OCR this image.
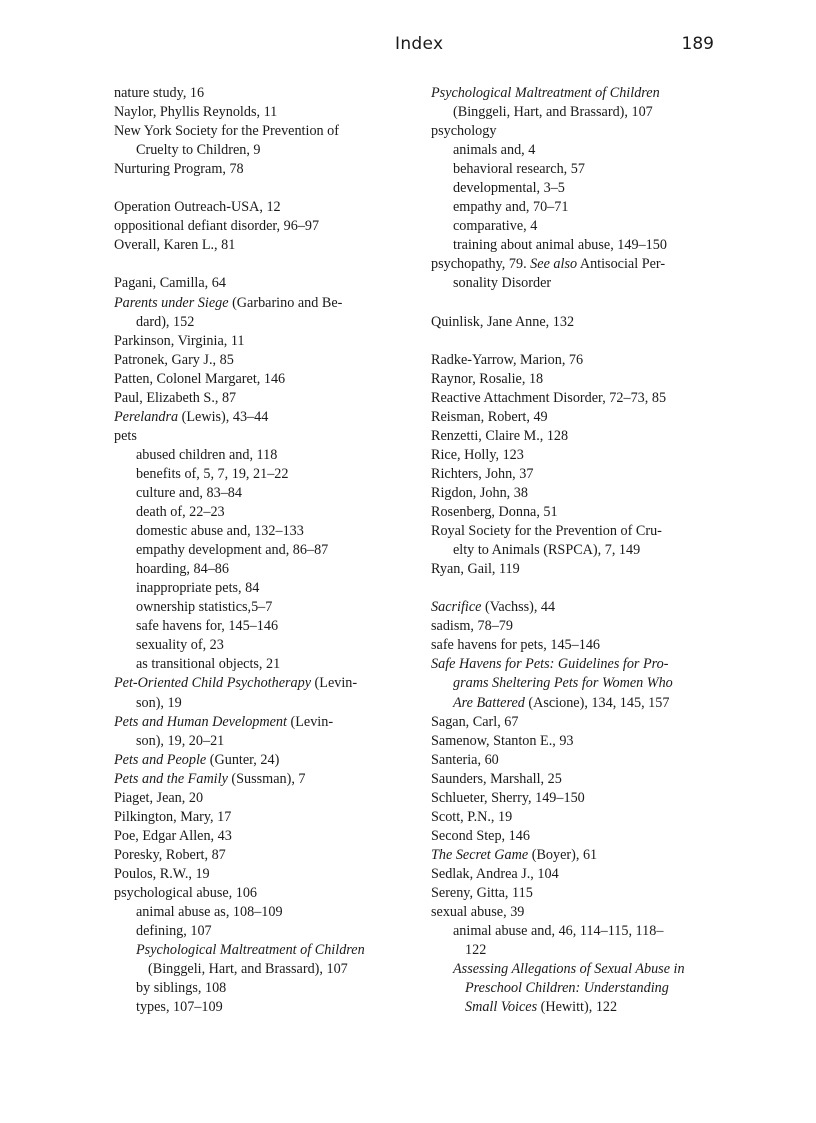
Index	189
nature study, 16
Naylor, Phyllis Reynolds, 11
New York Society for the Prevention of
Cruelty to Children, 9
Nurturing Program, 78
Operation Outreach-USA, 12
oppositional defiant disorder, 96–97
Overall, Karen L., 81
Pagani, Camilla, 64
Parents under Siege (Garbarino and Be-
dard), 152
Parkinson, Virginia, 11
Patronek, Gary J., 85
Patten, Colonel Margaret, 146
Paul, Elizabeth S., 87
Perelandra (Lewis), 43–44
pets
abused children and, 118
benefits of, 5, 7, 19, 21–22
culture and, 83–84
death of, 22–23
domestic abuse and, 132–133
empathy development and, 86–87
hoarding, 84–86
inappropriate pets, 84
ownership statistics,5–7
safe havens for, 145–146
sexuality of, 23
as transitional objects, 21
Pet-Oriented Child Psychotherapy (Levin-
son), 19
Pets and Human Development (Levin-
son), 19, 20–21
Pets and People (Gunter, 24)
Pets and the Family (Sussman), 7
Piaget, Jean, 20
Pilkington, Mary, 17
Poe, Edgar Allen, 43
Poresky, Robert, 87
Poulos, R.W., 19
psychological abuse, 106
animal abuse as, 108–109
defining, 107
Psychological Maltreatment of Children
(Binggeli, Hart, and Brassard), 107
by siblings, 108
types, 107–109
Psychological Maltreatment of Children
(Binggeli, Hart, and Brassard), 107
psychology
animals and, 4
behavioral research, 57
developmental, 3–5
empathy and, 70–71
comparative, 4
training about animal abuse, 149–150
psychopathy, 79. See also Antisocial Per-
sonality Disorder
Quinlisk, Jane Anne, 132
Radke-Yarrow, Marion, 76
Raynor, Rosalie, 18
Reactive Attachment Disorder, 72–73, 85
Reisman, Robert, 49
Renzetti, Claire M., 128
Rice, Holly, 123
Richters, John, 37
Rigdon, John, 38
Rosenberg, Donna, 51
Royal Society for the Prevention of Cru-
elty to Animals (RSPCA), 7, 149
Ryan, Gail, 119
Sacrifice (Vachss), 44
sadism, 78–79
safe havens for pets, 145–146
Safe Havens for Pets: Guidelines for Pro-
grams Sheltering Pets for Women Who
Are Battered (Ascione), 134, 145, 157
Sagan, Carl, 67
Samenow, Stanton E., 93
Santeria, 60
Saunders, Marshall, 25
Schlueter, Sherry, 149–150
Scott, P.N., 19
Second Step, 146
The Secret Game (Boyer), 61
Sedlak, Andrea J., 104
Sereny, Gitta, 115
sexual abuse, 39
animal abuse and, 46, 114–115, 118–
122
Assessing Allegations of Sexual Abuse in
Preschool Children: Understanding
Small Voices (Hewitt), 122
